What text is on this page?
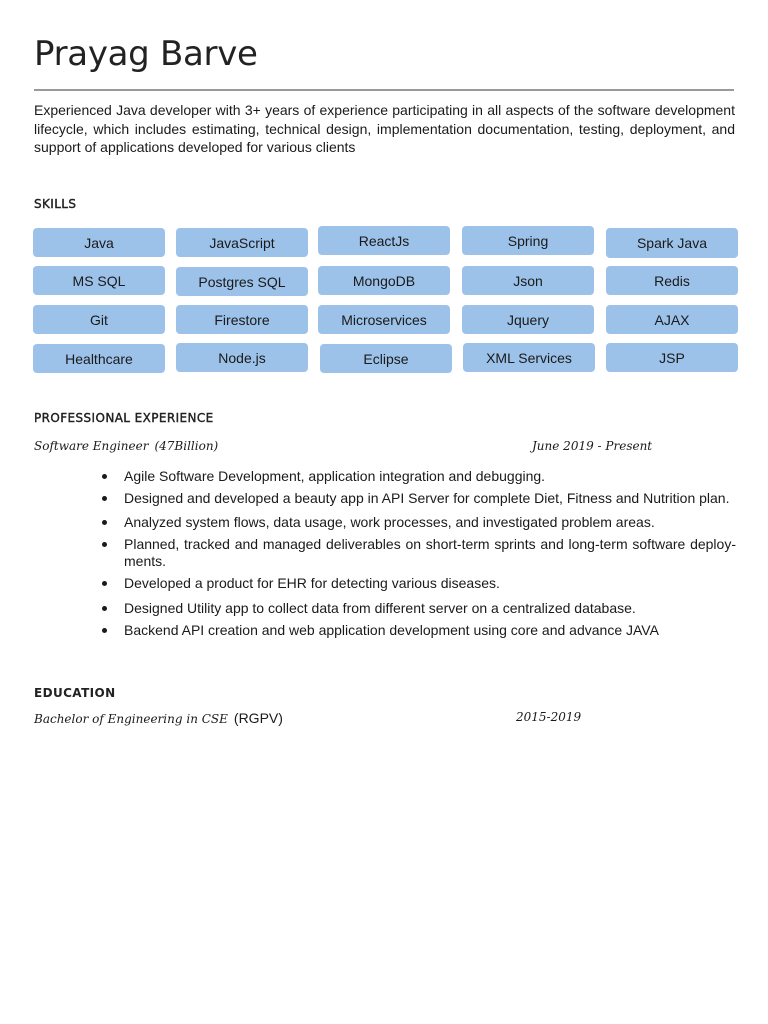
Prayag Barve

Experienced Java developer with 3+ years of experience participating in all aspects of the software development lifecycle, which includes estimating, technical design, implementation documentation, testing, deployment, and support of applications developed for various clients

SKILLS
Java	JavaScript	ReactJs	Spring	Spark Java
MS SQL	Postgres SQL	MongoDB	Json	Redis
Git	Firestore	Microservices	Jquery	AJAX
Healthcare	Node.js	Eclipse	XML Services	JSP
PROFESSIONAL EXPERIENCE
Software Engineer (47Billion)	June 2019 - Present
Agile Software Development, application integration and debugging.
Designed and developed a beauty app in API Server for complete Diet, Fitness and Nutrition plan.
Analyzed system flows, data usage, work processes, and investigated problem areas.
Planned, tracked and managed deliverables on short-term sprints and long-term software deploy-ments.
Developed a product for EHR for detecting various diseases.
Designed Utility app to collect data from different server on a centralized database.
Backend API creation and web application development using core and advance JAVA
EDUCATION
Bachelor of Engineering in CSE (RGPV)	2015-2019
